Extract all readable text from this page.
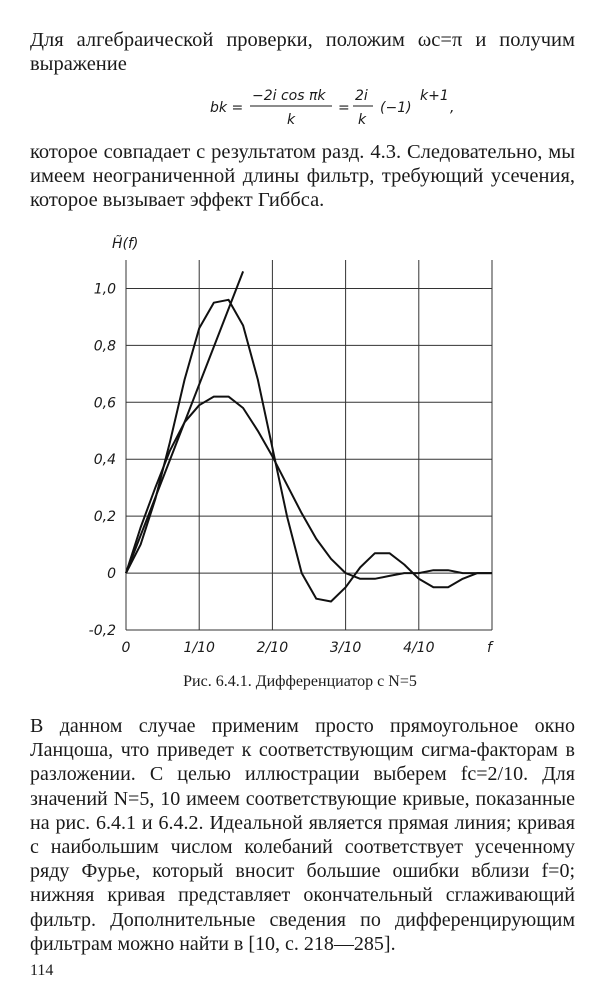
Для алгебраической проверки, положим ωc=π и получим выражение
bk =
−2i cos πk
k
=
2i
k
(−1)
k+1
,
которое совпадает с результатом разд. 4.3. Следовательно, мы имеем неограниченной длины фильтр, требующий усечения, которое вызывает эффект Гиббса.
1,0
0,8
0,6
0,4
0,2
0
-0,2
0	1/10	2/10	3/10	4/10	f
H̃(f)
Рис. 6.4.1. Дифференциатор с N=5
В данном случае применим просто прямоугольное окно Ланцоша, что приведет к соответствующим сигма-факторам в разложении. С целью иллюстрации выберем fc=2/10. Для значений N=5, 10 имеем соответствующие кривые, показанные на рис. 6.4.1 и 6.4.2. Идеальной является прямая линия; кривая с наибольшим числом колебаний соответствует усеченному ряду Фурье, который вносит большие ошибки вблизи f=0; нижняя кривая представляет окончательный сглаживающий фильтр. Дополнительные сведения по дифференцирующим фильтрам можно найти в [10, с. 218—285].
114
